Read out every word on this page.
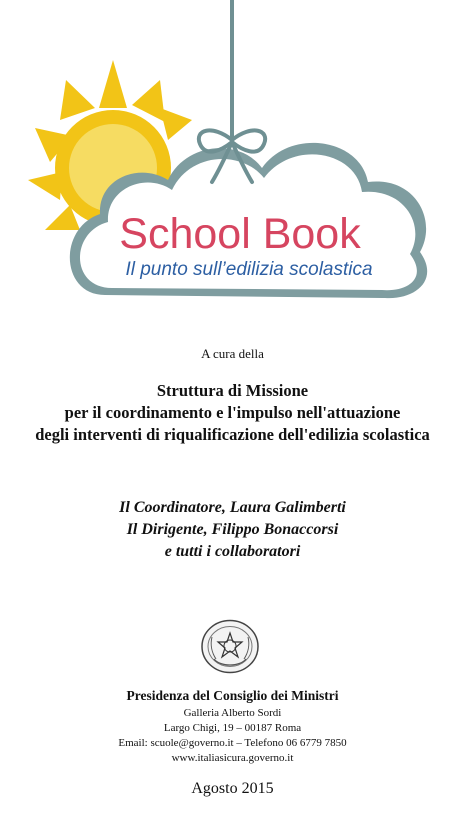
School Book
Il punto sull’edilizia scolastica
A cura della
Struttura di Missione
per il coordinamento e l'impulso nell'attuazione
degli interventi di riqualificazione dell'edilizia scolastica
Il Coordinatore, Laura Galimberti
Il Dirigente, Filippo Bonaccorsi
e tutti i collaboratori
Presidenza del Consiglio dei Ministri
Galleria Alberto Sordi
Largo Chigi, 19 – 00187 Roma
Email: scuole@governo.it – Telefono 06 6779 7850
www.italiasicura.governo.it
Agosto 2015
